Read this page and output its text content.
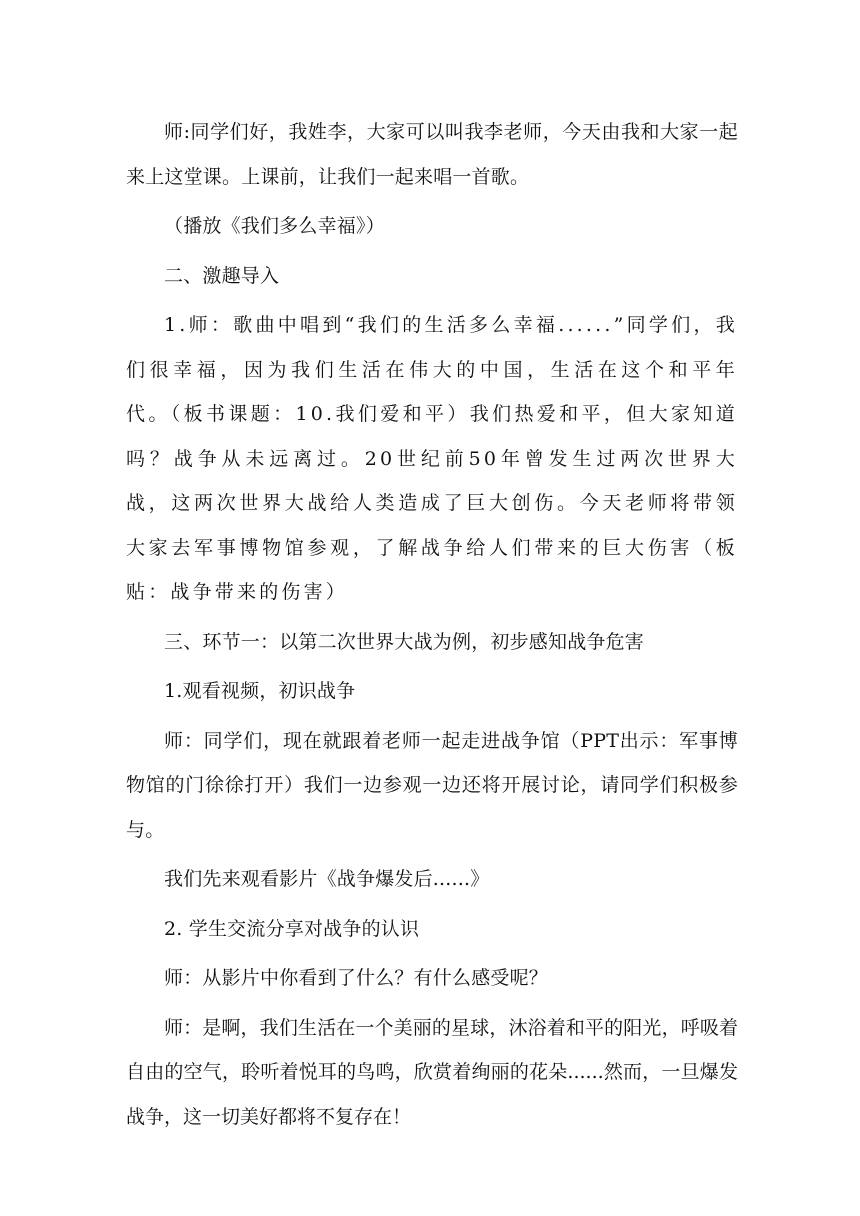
师:同学们好，我姓李，大家可以叫我李老师，今天由我和大家一起来上这堂课。上课前，让我们一起来唱一首歌。

（播放《我们多么幸福》）

二、激趣导入

1.师：歌曲中唱到“我们的生活多么幸福......”同学们，我们很幸福，因为我们生活在伟大的中国，生活在这个和平年代。（板书课题：10.我们爱和平）我们热爱和平，但大家知道吗？战争从未远离过。20世纪前50年曾发生过两次世界大战，这两次世界大战给人类造成了巨大创伤。今天老师将带领大家去军事博物馆参观，了解战争给人们带来的巨大伤害（板贴：战争带来的伤害）

三、环节一：以第二次世界大战为例，初步感知战争危害

1.观看视频，初识战争

师：同学们，现在就跟着老师一起走进战争馆（PPT出示：军事博物馆的门徐徐打开）我们一边参观一边还将开展讨论，请同学们积极参与。

我们先来观看影片《战争爆发后......》

2. 学生交流分享对战争的认识

师：从影片中你看到了什么？有什么感受呢？

师：是啊，我们生活在一个美丽的星球，沐浴着和平的阳光，呼吸着自由的空气，聆听着悦耳的鸟鸣，欣赏着绚丽的花朵......然而，一旦爆发战争，这一切美好都将不复存在！
